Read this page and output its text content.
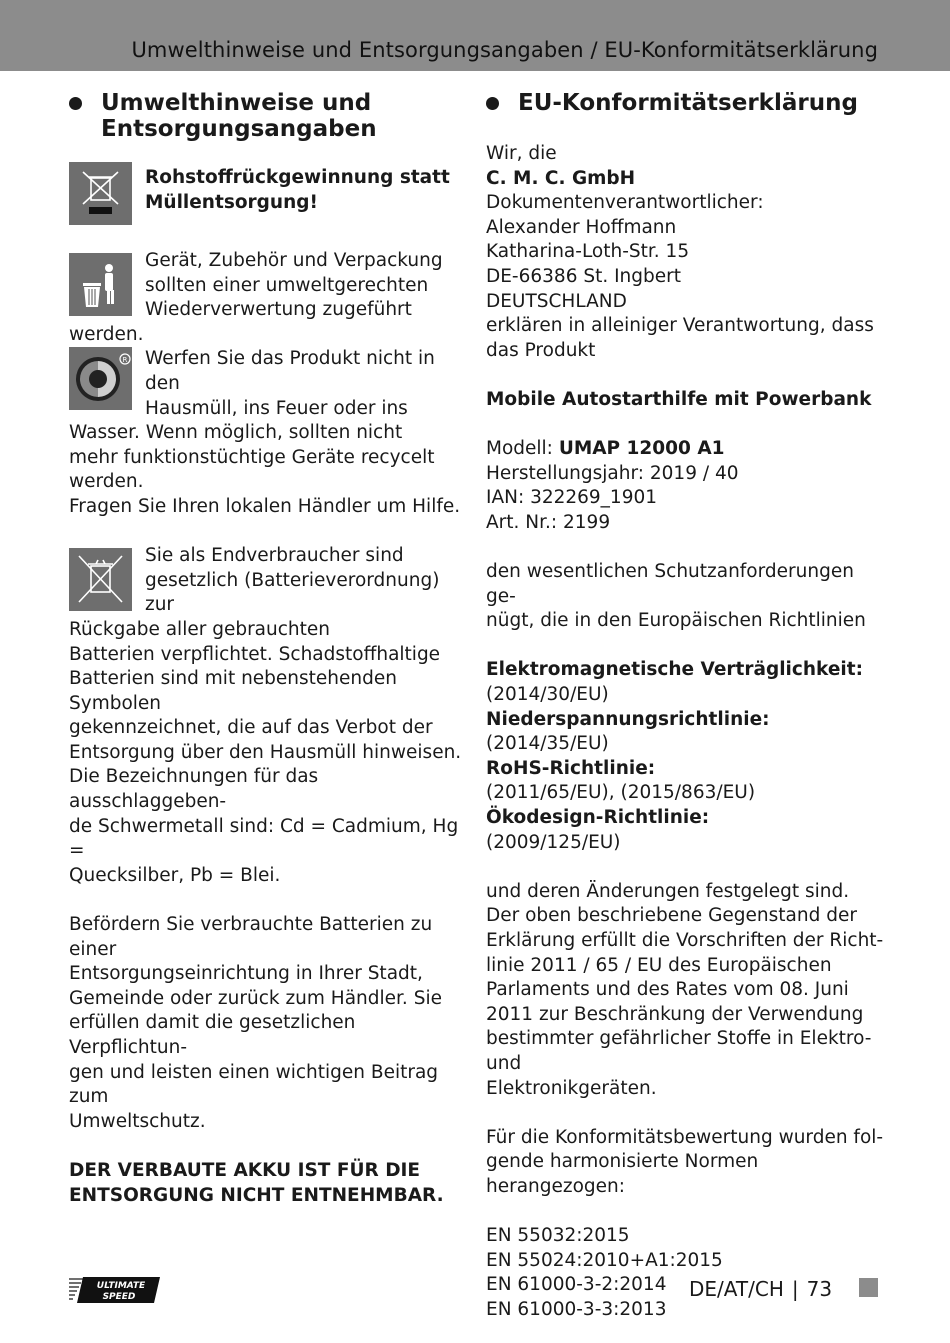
Umwelthinweise und Entsorgungsangaben / EU-Konformitätserklärung
Umwelthinweise und
Entsorgungsangaben
Rohstoffrückgewinnung statt
Müllentsorgung!
Gerät, Zubehör und Verpackung
sollten einer umweltgerechten
Wiederverwertung zugeführt
werden.
R Werfen Sie das Produkt nicht in den
Hausmüll, ins Feuer oder ins
Wasser. Wenn möglich, sollten nicht
mehr funktionstüchtige Geräte recycelt
werden.
Fragen Sie Ihren lokalen Händler um Hilfe.
Sie als Endverbraucher sind
gesetzlich (Batterieverordnung) zur
Rückgabe aller gebrauchten
Batterien verpflichtet. Schadstoffhaltige
Batterien sind mit nebenstehenden Symbolen
gekennzeichnet, die auf das Verbot der
Entsorgung über den Hausmüll hinweisen.
Die Bezeichnungen für das ausschlaggeben-
de Schwermetall sind: Cd = Cadmium, Hg =
Quecksilber, Pb = Blei.
Befördern Sie verbrauchte Batterien zu einer
Entsorgungseinrichtung in Ihrer Stadt,
Gemeinde oder zurück zum Händler. Sie
erfüllen damit die gesetzlichen Verpflichtun-
gen und leisten einen wichtigen Beitrag zum
Umweltschutz.
DER VERBAUTE AKKU IST FÜR DIE
ENTSORGUNG NICHT ENTNEHMBAR.
EU-Konformitätserklärung
Wir, die
C. M. C. GmbH
Dokumentenverantwortlicher:
Alexander Hoffmann
Katharina-Loth-Str. 15
DE-66386 St. Ingbert
DEUTSCHLAND
erklären in alleiniger Verantwortung, dass
das Produkt
Mobile Autostarthilfe mit Powerbank
Modell: UMAP 12000 A1
Herstellungsjahr: 2019 / 40
IAN: 322269_1901
Art. Nr.: 2199
den wesentlichen Schutzanforderungen ge-
nügt, die in den Europäischen Richtlinien
Elektromagnetische Verträglichkeit:
(2014/30/EU)
Niederspannungsrichtlinie:
(2014/35/EU)
RoHS-Richtlinie:
(2011/65/EU), (2015/863/EU)
Ökodesign-Richtlinie:
(2009/125/EU)
und deren Änderungen festgelegt sind.
Der oben beschriebene Gegenstand der
Erklärung erfüllt die Vorschriften der Richt-
linie 2011 / 65 / EU des Europäischen
Parlaments und des Rates vom 08. Juni
2011 zur Beschränkung der Verwendung
bestimmter gefährlicher Stoffe in Elektro- und
Elektronikgeräten.
Für die Konformitätsbewertung wurden fol-
gende harmonisierte Normen herangezogen:
EN 55032:2015
EN 55024:2010+A1:2015
EN 61000-3-2:2014
EN 61000-3-3:2013
ULTIMATE
SPEED	DE/AT/CH | 73
